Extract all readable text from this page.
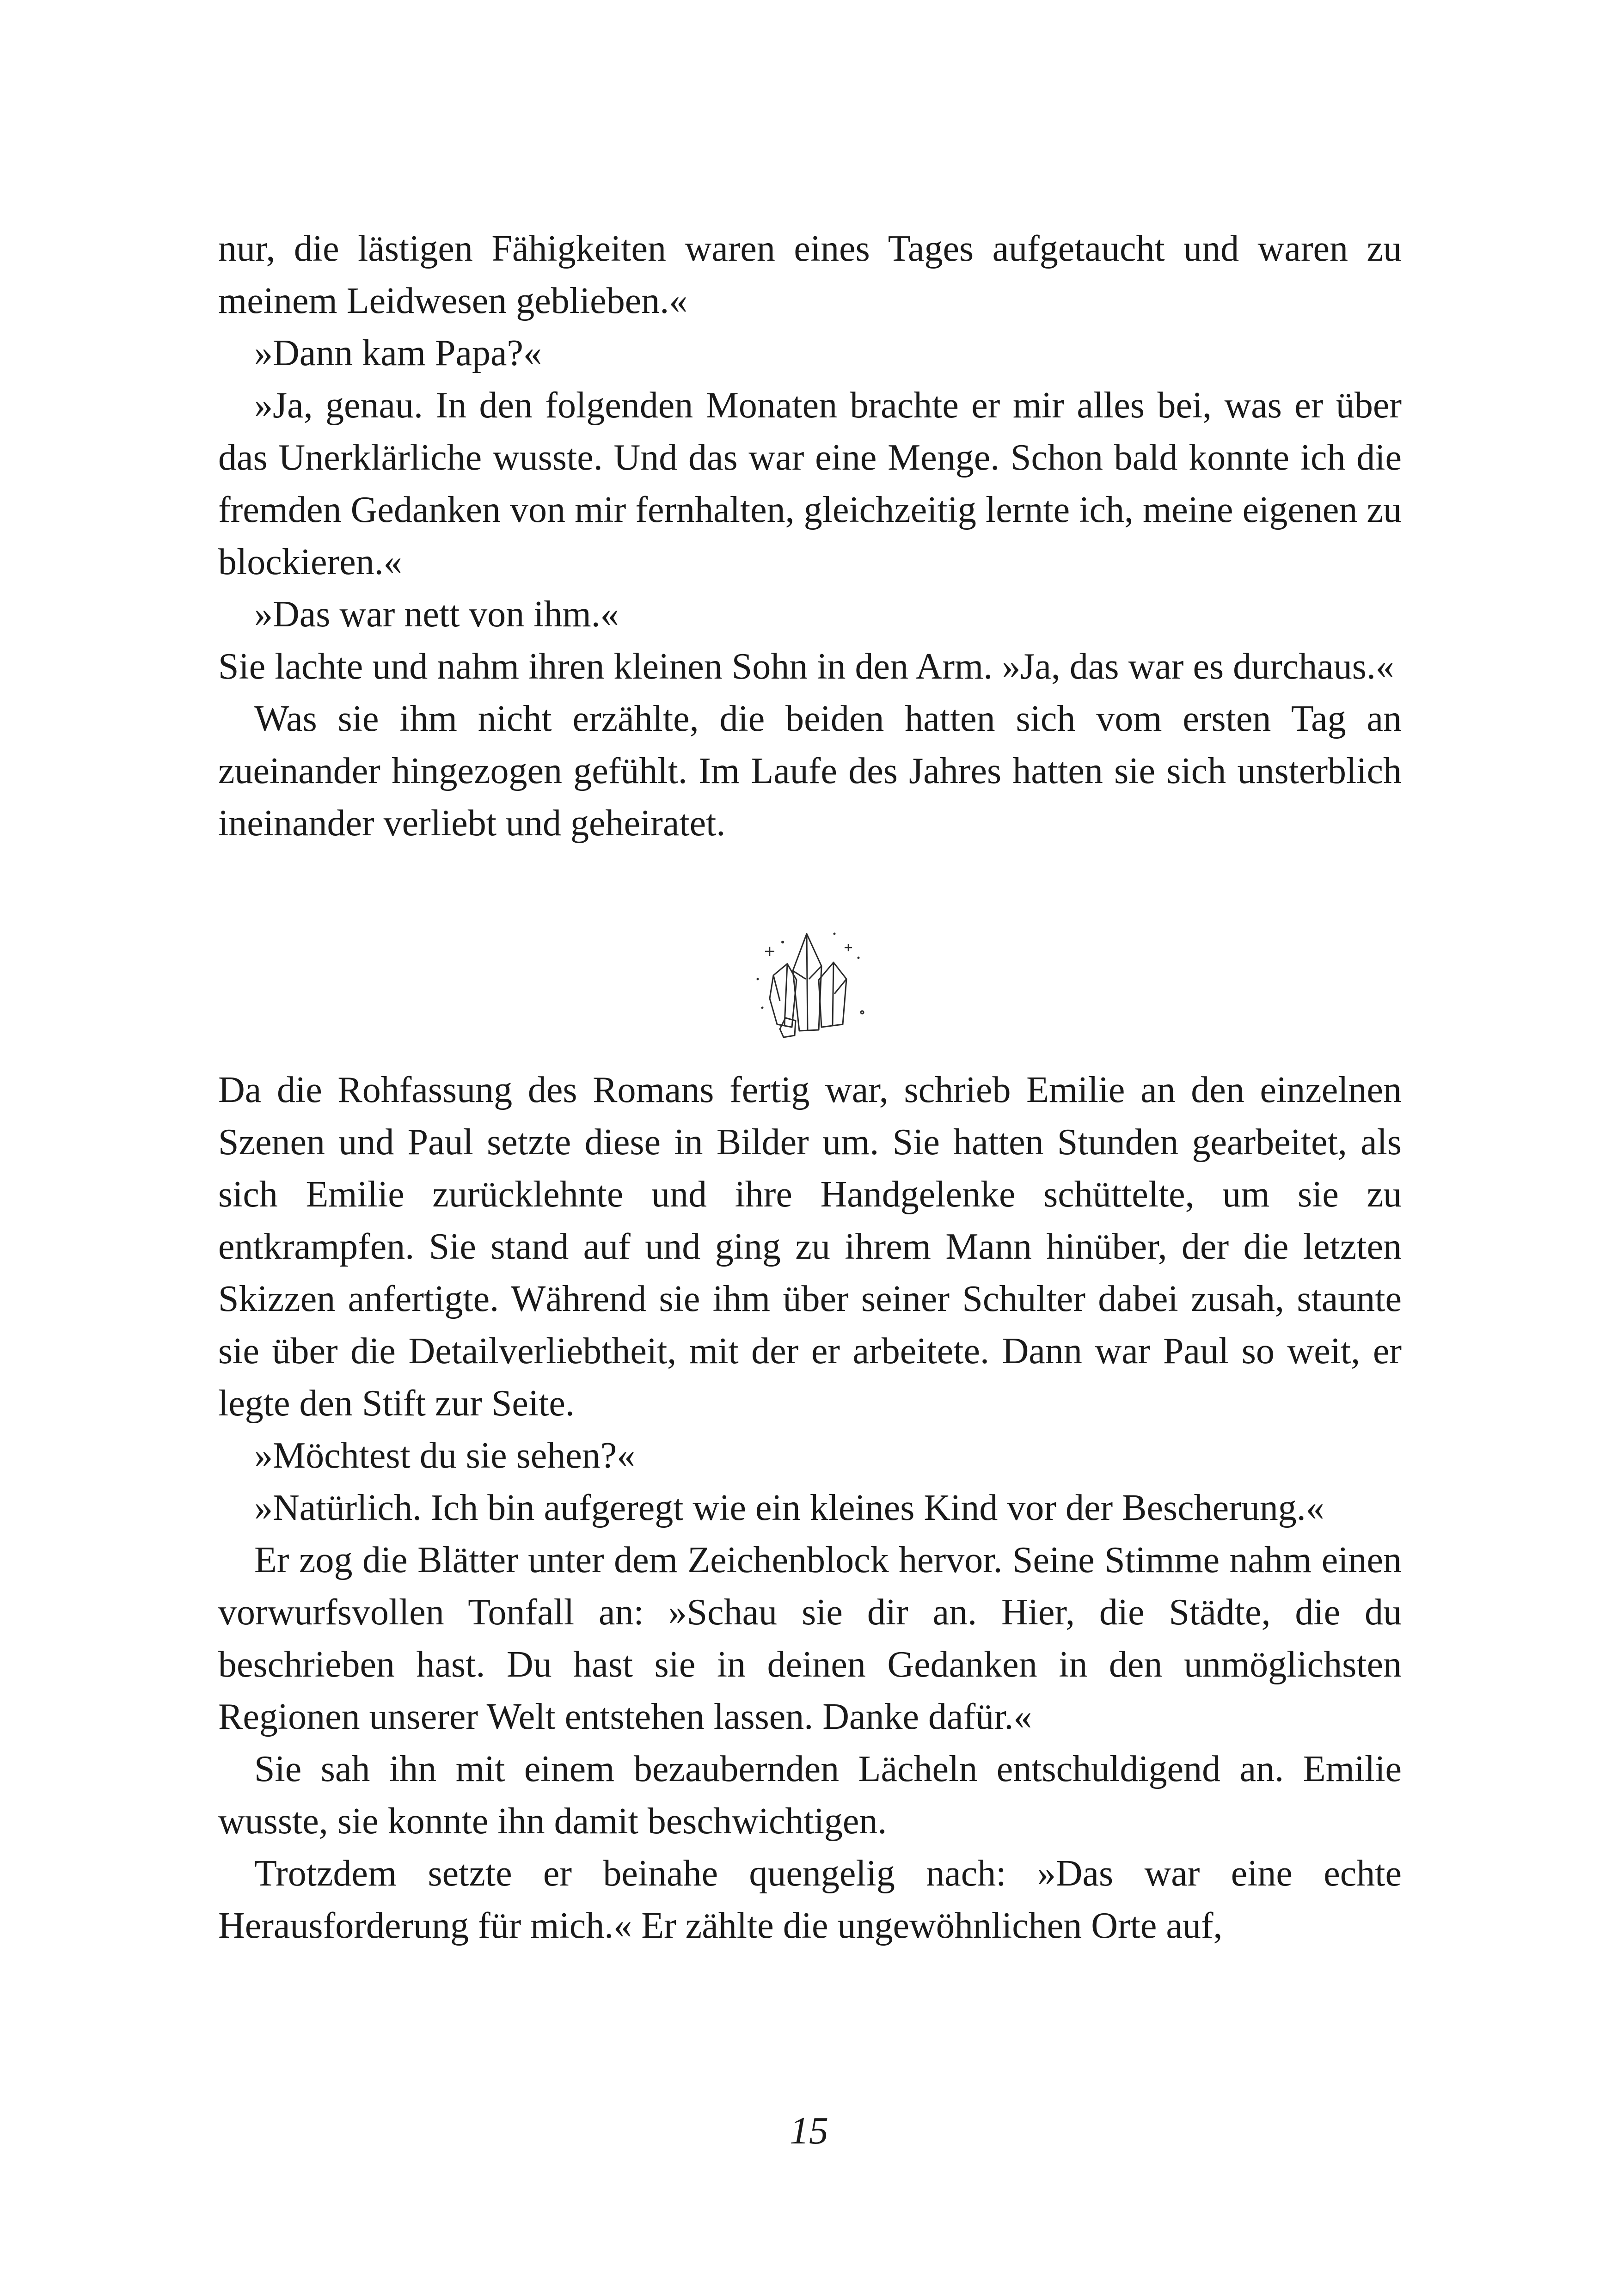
nur, die lästigen Fähigkeiten waren eines Tages aufgetaucht und waren zu meinem Leidwesen geblieben.«

»Dann kam Papa?«

»Ja, genau. In den folgenden Monaten brachte er mir alles bei, was er über das Unerklärliche wusste. Und das war eine Menge. Schon bald konnte ich die fremden Gedanken von mir fernhalten, gleichzeitig lernte ich, meine eigenen zu blockieren.«

»Das war nett von ihm.«

Sie lachte und nahm ihren kleinen Sohn in den Arm. »Ja, das war es durchaus.«

Was sie ihm nicht erzählte, die beiden hatten sich vom ersten Tag an zueinander hingezogen gefühlt. Im Laufe des Jahres hatten sie sich unsterblich ineinander verliebt und geheiratet.

Da die Rohfassung des Romans fertig war, schrieb Emilie an den einzelnen Szenen und Paul setzte diese in Bilder um. Sie hatten Stunden gearbeitet, als sich Emilie zurücklehnte und ihre Handgelenke schüttelte, um sie zu entkrampfen. Sie stand auf und ging zu ihrem Mann hinüber, der die letzten Skizzen anfertigte. Während sie ihm über seiner Schulter dabei zusah, staunte sie über die Detailverliebtheit, mit der er arbeitete. Dann war Paul so weit, er legte den Stift zur Seite.

»Möchtest du sie sehen?«

»Natürlich. Ich bin aufgeregt wie ein kleines Kind vor der Bescherung.«

Er zog die Blätter unter dem Zeichenblock hervor. Seine Stimme nahm einen vorwurfsvollen Tonfall an: »Schau sie dir an. Hier, die Städte, die du beschrieben hast. Du hast sie in deinen Gedanken in den unmöglichsten Regionen unserer Welt entstehen lassen. Danke dafür.«

Sie sah ihn mit einem bezaubernden Lächeln entschuldigend an. Emilie wusste, sie konnte ihn damit beschwichtigen.

Trotzdem setzte er beinahe quengelig nach: »Das war eine echte Herausforderung für mich.« Er zählte die ungewöhnlichen Orte auf,

15
